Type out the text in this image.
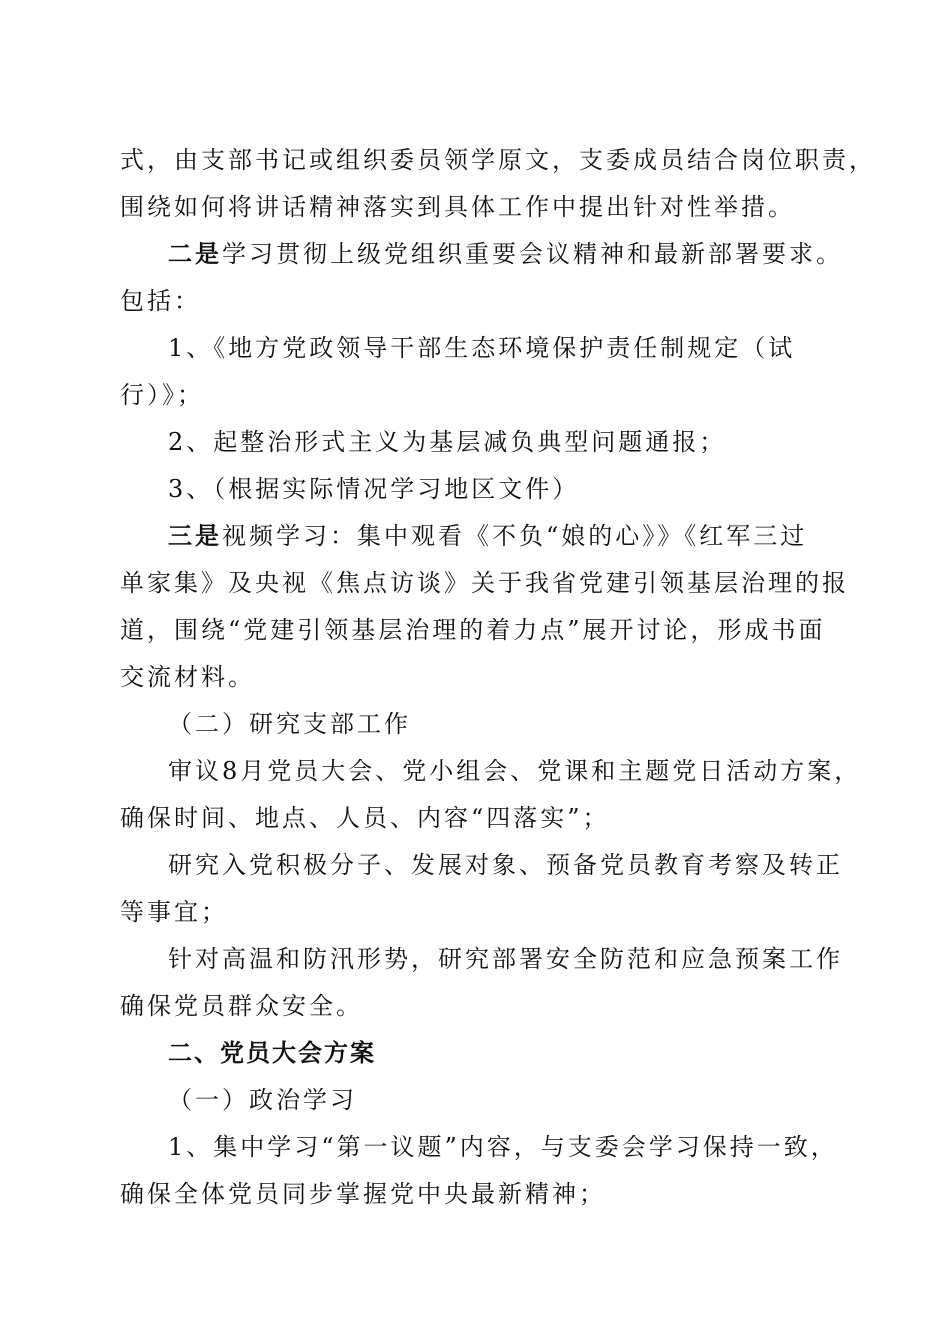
式，由支部书记或组织委员领学原文，支委成员结合岗位职责，
围绕如何将讲话精神落实到具体工作中提出针对性举措。
二是学习贯彻上级党组织重要会议精神和最新部署要求。
包括：
1、《地方党政领导干部生态环境保护责任制规定（试
行）》；
2、起整治形式主义为基层减负典型问题通报；
3、（根据实际情况学习地区文件）
三是视频学习：集中观看《不负“娘的心》》《红军三过
单家集》及央视《焦点访谈》关于我省党建引领基层治理的报
道，围绕“党建引领基层治理的着力点”展开讨论，形成书面
交流材料。
（二）研究支部工作
审议8月党员大会、党小组会、党课和主题党日活动方案，
确保时间、地点、人员、内容“四落实”；
研究入党积极分子、发展对象、预备党员教育考察及转正
等事宜；
针对高温和防汛形势，研究部署安全防范和应急预案工作
确保党员群众安全。
二、党员大会方案
（一）政治学习
1、集中学习“第一议题”内容，与支委会学习保持一致，
确保全体党员同步掌握党中央最新精神；
